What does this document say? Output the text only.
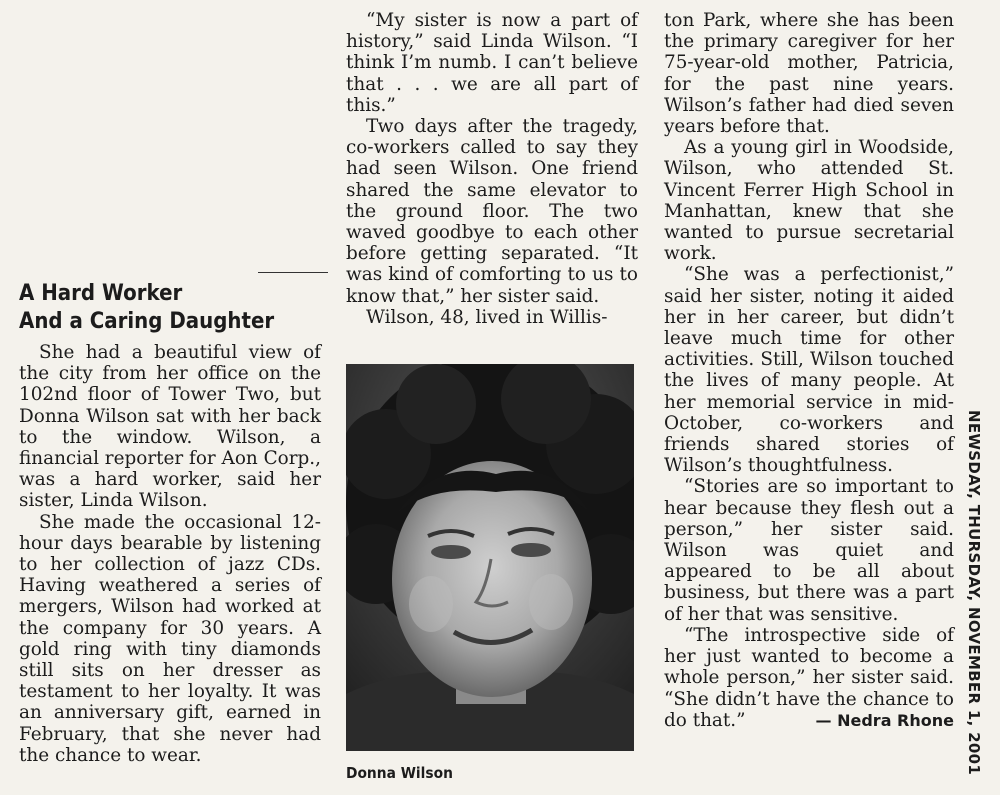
A Hard Worker
And a Caring Daughter

She had a beautiful view of the city from her office on the 102nd floor of Tower Two, but Donna Wilson sat with her back to the window. Wilson, a financial reporter for Aon Corp., was a hard worker, said her sister, Linda Wilson.

She made the occasional 12-hour days bearable by listening to her collection of jazz CDs. Having weathered a series of mergers, Wilson had worked at the company for 30 years. A gold ring with tiny diamonds still sits on her dresser as testament to her loyalty. It was an anniversary gift, earned in February, that she never had the chance to wear.

“My sister is now a part of history,” said Linda Wilson. “I think I’m numb. I can’t believe that . . . we are all part of this.”

Two days after the tragedy, co-workers called to say they had seen Wilson. One friend shared the same elevator to the ground floor. The two waved goodbye to each other before getting separated. “It was kind of comforting to us to know that,” her sister said.

Wilson, 48, lived in Willis-

Donna Wilson

ton Park, where she has been the primary caregiver for her 75-year-old mother, Patricia, for the past nine years. Wilson’s father had died seven years before that.

As a young girl in Woodside, Wilson, who attended St. Vincent Ferrer High School in Manhattan, knew that she wanted to pursue secretarial work.

“She was a perfectionist,” said her sister, noting it aided her in her career, but didn’t leave much time for other activities. Still, Wilson touched the lives of many people. At her memorial service in mid-October, co-workers and friends shared stories of Wilson’s thoughtfulness.

“Stories are so important to hear because they flesh out a person,” her sister said. Wilson was quiet and appeared to be all about business, but there was a part of her that was sensitive.

“The introspective side of her just wanted to become a whole person,” her sister said. “She didn’t have the chance to do that.”	— Nedra Rhone NEWSDAY, THURSDAY, NOVEMBER 1, 2001
